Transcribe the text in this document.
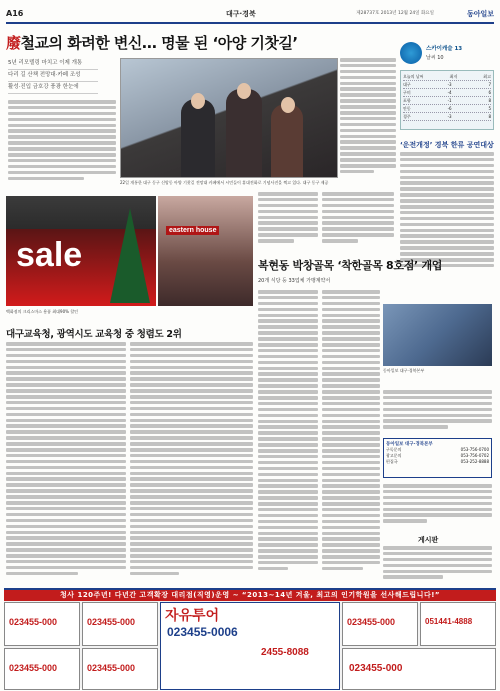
A16	대구·경북	제28737호 2013년 12월 24일 화요일	동아일보
廢철교의 화려한 변신… 명물 된 ‘아양 기찻길’
5년 리모델링 마치고 이제 개통
다리 길 산책 전망대·카페 조성
활성·진입 금호강 풍광 한눈에
22일 개통한 대구 동구 신암동 아양 기찻길 전망대 카페에서 시민들이 휴대전화로 기념사진을 찍고 있다. 대구 동구 제공
스카이캐슬 13
날씨 10
오늘의 날씨	최저	최고
대구	-3	7
구미	-4	6
포항	-1	8
안동	-6	5
경주	-3	8
‘운전개정’ 경북 한류 공연대상
sale
eastern house
백화점의 크리스마스 용품 최대90% 할인
대구교육청, 광역시도 교육청 중 청렴도 2위
복현동 박창골목 ‘착한골목 8호점’ 개업
20개 식당 등 33업체 가맹계약서
동아일보 대구·경북본부
동아일보 대구·경북본부
구독문의	053-756-0700
광고문의	053-756-0702
편집국	053-252-8888
게시판
청사 120주년! 다년간 고객확장 대리점(직영)운영 ~ “2013~14년 겨울, 최고의 인기학원을 선사해드립니다!”
023455-000	023455-000
023455-000	023455-000
자유투어
023455-0006
2455-8088
023455-000	051441-4888
023455-000
